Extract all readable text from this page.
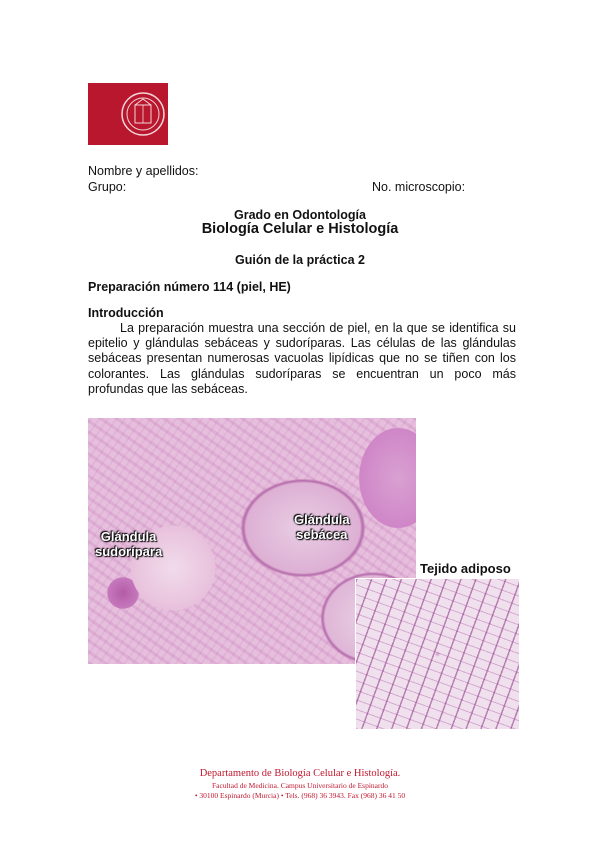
Nombre y apellidos:
Grupo:	No. microscopio:
Grado en Odontología
Biología Celular e Histología
Guión de la práctica 2
Preparación número 114 (piel, HE)
Introducción
La preparación muestra una sección de piel, en la que se identifica su epitelio y glándulas sebáceas y sudoríparas. Las células de las glándulas sebáceas presentan numerosas vacuolas lipídicas que no se tiñen con los colorantes. Las glándulas sudoríparas se encuentran un poco más profundas que las sebáceas.
Glándula
sudorípara
Glándula
sebácea
Tejido adiposo
Departamento de Biología Celular e Histología.
Facultad de Medicina. Campus Universitario de Espinardo
• 30100 Espinardo (Murcia) • Tels. (968) 36 3943. Fax (968) 36 41 50
